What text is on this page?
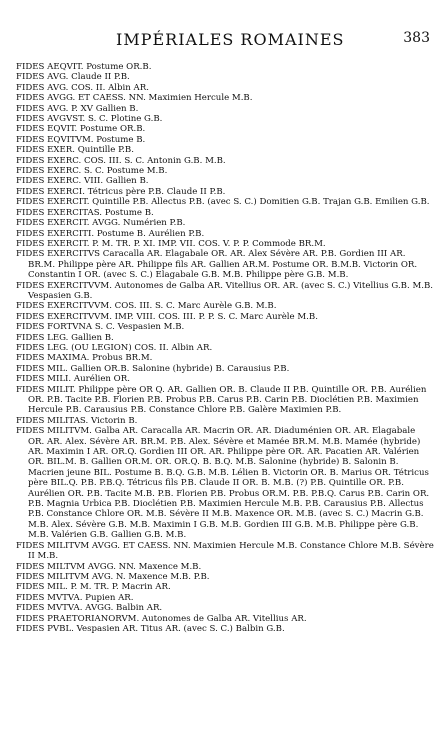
IMPÉRIALES ROMAINES	383
FIDES AEQVIT. Postume OR.B.
FIDES AVG. Claude II P.B.
FIDES AVG. COS. II. Albin AR.
FIDES AVGG. ET CAESS. NN. Maximien Hercule M.B.
FIDES AVG. P. XV Gallien B.
FIDES AVGVST. S. C. Plotine G.B.
FIDES EQVIT. Postume OR.B.
FIDES EQVITVM. Postume B.
FIDES EXER. Quintille P.B.
FIDES EXERC. COS. III. S. C. Antonin G.B. M.B.
FIDES EXERC. S. C. Postume M.B.
FIDES EXERC. VIII. Gallien B.
FIDES EXERCI. Tétricus père P.B. Claude II P.B.
FIDES EXERCIT. Quintille P.B. Allectus P.B. (avec S. C.) Domitien G.B. Trajan G.B. Emilien G.B.
FIDES EXERCITAS. Postume B.
FIDES EXERCIT. AVGG. Numérien P.B.
FIDES EXERCITI. Postume B. Aurélien P.B.
FIDES EXERCIT. P. M. TR. P. XI. IMP. VII. COS. V. P. P. Commode BR.M.
FIDES EXERCITVS Caracalla AR. Elagabale OR. AR. Alex Sévère AR. P.B. Gordien III AR. BR.M. Philippe père AR. Philippe fils AR. Gallien AR.M. Postume OR. B.M.B. Victorin OR. Constantin I OR. (avec S. C.) Elagabale G.B. M.B. Philippe père G.B. M.B.
FIDES EXERCITVVM. Autonomes de Galba AR. Vitellius OR. AR. (avec S. C.) Vitellius G.B. M.B. Vespasien G.B.
FIDES EXERCITVVM. COS. III. S. C. Marc Aurèle G.B. M.B.
FIDES EXERCITVVM. IMP. VIII. COS. III. P. P. S. C. Marc Aurèle M.B.
FIDES FORTVNA S. C. Vespasien M.B.
FIDES LEG. Gallien B.
FIDES LEG. (OU LEGION) COS. II. Albin AR.
FIDES MAXIMA. Probus BR.M.
FIDES MIL. Gallien OR.B. Salonine (hybride) B. Carausius P.B.
FIDES MILI. Aurélien OR.
FIDES MILIT. Philippe père OR Q. AR. Gallien OR. B. Claude II P.B. Quintille OR. P.B. Aurélien OR. P.B. Tacite P.B. Florien P.B. Probus P.B. Carus P.B. Carin P.B. Dioclétien P.B. Maximien Hercule P.B. Carausius P.B. Constance Chlore P.B. Galère Maximien P.B.
FIDES MILITAS. Victorin B.
FIDES MILITVM. Galba AR. Caracalla AR. Macrin OR. AR. Diaduménien OR. AR. Elagabale OR. AR. Alex. Sévère AR. BR.M. P.B. Alex. Sévère et Mamée BR.M. M.B. Mamée (hybride) AR. Maximin I AR. OR.Q. Gordien III OR. AR. Philippe père OR. AR. Pacatien AR. Valérien OR. BIL.M. B. Gallien OR.M. OR. OR.Q. B. B.Q. M.B. Salonine (hybride) B. Salonin B. Macrien jeune BIL. Postume B. B.Q. G.B. M.B. Lélien B. Victorin OR. B. Marius OR. Tétricus père BIL.Q. P.B. P.B.Q. Tétricus fils P.B. Claude II OR. B. M.B. (?) P.B. Quintille OR. P.B. Aurélien OR. P.B. Tacite M.B. P.B. Florien P.B. Probus OR.M. P.B. P.B.Q. Carus P.B. Carin OR. P.B. Magnia Urbica P.B. Dioclétien P.B. Maximien Hercule M.B. P.B. Carausius P.B. Allectus P.B. Constance Chlore OR. M.B. Sévère II M.B. Maxence OR. M.B. (avec S. C.) Macrin G.B. M.B. Alex. Sévère G.B. M.B. Maximin I G.B. M.B. Gordien III G.B. M.B. Philippe père G.B. M.B. Valérien G.B. Gallien G.B. M.B.
FIDES MILITVM AVGG. ET CAESS. NN. Maximien Hercule M.B. Constance Chlore M.B. Sévère II M.B.
FIDES MILTVM AVGG. NN. Maxence M.B.
FIDES MILITVM AVG. N. Maxence M.B. P.B.
FIDES MIL. P. M. TR. P. Macrin AR.
FIDES MVTVA. Pupien AR.
FIDES MVTVA. AVGG. Balbin AR.
FIDES PRAETORIANORVM. Autonomes de Galba AR. Vitellius AR.
FIDES PVBL. Vespasien AR. Titus AR. (avec S. C.) Balbin G.B.
